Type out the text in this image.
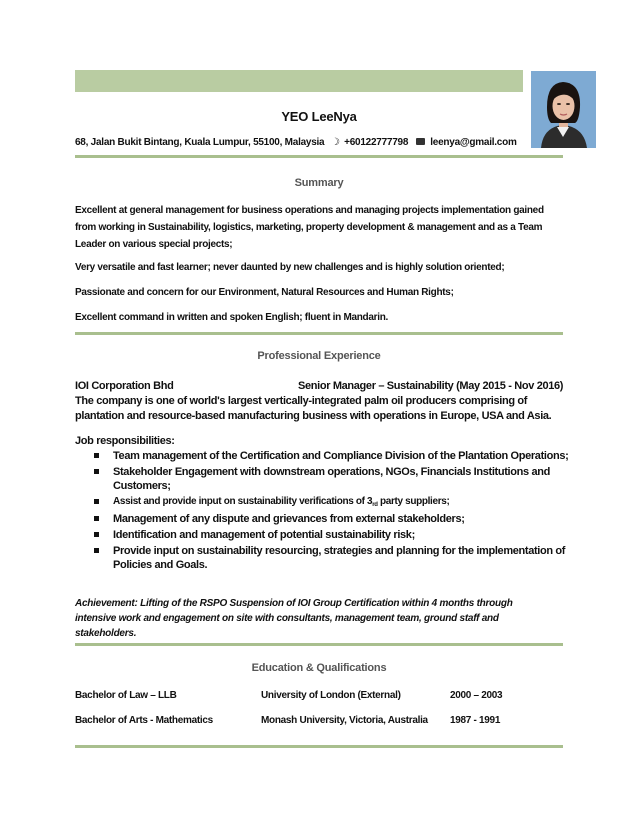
YEO LeeNya
68, Jalan Bukit Bintang, Kuala Lumpur, 55100, Malaysia ☽ +60122777798 leenya@gmail.com
Summary
Excellent at general management for business operations and managing projects implementation gained from working in Sustainability, logistics, marketing, property development & management and as a Team Leader on various special projects;
Very versatile and fast learner; never daunted by new challenges and is highly solution oriented;
Passionate and concern for our Environment, Natural Resources and Human Rights;
Excellent command in written and spoken English; fluent in Mandarin.
Professional Experience
IOI Corporation Bhd	Senior Manager – Sustainability (May 2015 - Nov 2016)
The company is one of world's largest vertically-integrated palm oil producers comprising of
plantation and resource-based manufacturing business with operations in Europe, USA and Asia.
Job responsibilities:
Team management of the Certification and Compliance Division of the Plantation Operations;
Stakeholder Engagement with downstream operations, NGOs, Financials Institutions and Customers;
Assist and provide input on sustainability verifications of 3rd party suppliers;
Management of any dispute and grievances from external stakeholders;
Identification and management of potential sustainability risk;
Provide input on sustainability resourcing, strategies and planning for the implementation of Policies and Goals.
Achievement: Lifting of the RSPO Suspension of IOI Group Certification within 4 months through intensive work and engagement on site with consultants, management team, ground staff and stakeholders.
Education & Qualifications
Bachelor of Law – LLB	University of London (External)	2000 – 2003
Bachelor of Arts - Mathematics	Monash University, Victoria, Australia 1987 - 1991
